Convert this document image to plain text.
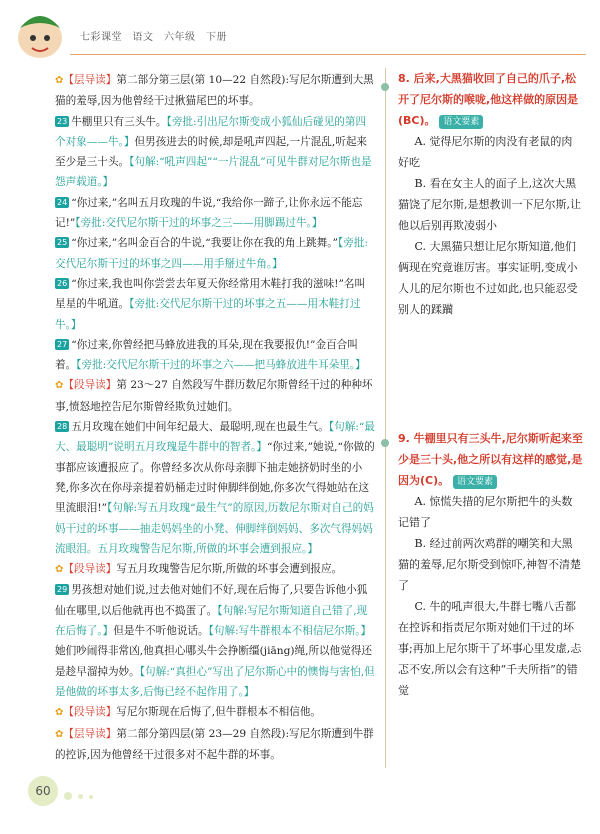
七彩课堂　语文　六年级　下册

✿【层导读】第二部分第三层(第 10—22 自然段):写尼尔斯遭到大黑猫的羞辱,因为他曾经干过揪猫尾巴的坏事。

23 牛棚里只有三头牛。【旁批:引出尼尔斯变成小狐仙后碰见的第四个对象——牛。】但男孩进去的时候,却是吼声四起,一片混乱,听起来至少是三十头。【句解:“吼声四起”“一片混乱”可见牛群对尼尔斯也是怨声载道。】

24 “你过来,”名叫五月玫瑰的牛说,“我给你一蹄子,让你永远不能忘记!”【旁批:交代尼尔斯干过的坏事之三——用脚踢过牛。】

25 “你过来,”名叫金百合的牛说,“我要让你在我的角上跳舞。”【旁批:交代尼尔斯干过的坏事之四——用手掰过牛角。】

26 “你过来,我也叫你尝尝去年夏天你经常用木鞋打我的滋味!”名叫星星的牛吼道。【旁批:交代尼尔斯干过的坏事之五——用木鞋打过牛。】

27 “你过来,你曾经把马蜂放进我的耳朵,现在我要报仇!”金百合叫着。【旁批:交代尼尔斯干过的坏事之六——把马蜂放进牛耳朵里。】

✿【段导读】第 23～27 自然段写牛群历数尼尔斯曾经干过的种种坏事,愤怒地控告尼尔斯曾经欺负过她们。

28 五月玫瑰在她们中间年纪最大、最聪明,现在也最生气。【句解:“最大、最聪明”说明五月玫瑰是牛群中的智者。】“你过来,”她说,“你做的事都应该遭报应了。你曾经多次从你母亲脚下抽走她挤奶时坐的小凳,你多次在你母亲提着奶桶走过时伸脚绊倒她,你多次气得她站在这里流眼泪!”【句解:写五月玫瑰“最生气”的原因,历数尼尔斯对自己的妈妈干过的坏事——抽走妈妈坐的小凳、伸脚绊倒妈妈、多次气得妈妈流眼泪。五月玫瑰警告尼尔斯,所做的坏事会遭到报应。】

✿【段导读】写五月玫瑰警告尼尔斯,所做的坏事会遭到报应。

29 男孩想对她们说,过去他对她们不好,现在后悔了,只要告诉他小狐仙在哪里,以后他就再也不捣蛋了。【句解:写尼尔斯知道自己错了,现在后悔了。】但是牛不听他说话。【句解:写牛群根本不相信尼尔斯。】她们吵闹得非常凶,他真担心哪头牛会挣断缰(jiāng)绳,所以他觉得还是趁早溜掉为妙。【句解:“真担心”写出了尼尔斯心中的懊悔与害怕,但是他做的坏事太多,后悔已经不起作用了。】

✿【段导读】写尼尔斯现在后悔了,但牛群根本不相信他。

✿【层导读】第二部分第四层(第 23—29 自然段):写尼尔斯遭到牛群的控诉,因为他曾经干过很多对不起牛群的坏事。

8. 后来,大黑猫收回了自己的爪子,松开了尼尔斯的喉咙,他这样做的原因是(BC)。 语文要素

A. 觉得尼尔斯的肉没有老鼠的肉好吃

B. 看在女主人的面子上,这次大黑猫饶了尼尔斯,是想教训一下尼尔斯,让他以后别再欺凌弱小

C. 大黑猫只想让尼尔斯知道,他们俩现在究竟谁厉害。事实证明,变成小人儿的尼尔斯也不过如此,也只能忍受别人的蹂躏

9. 牛棚里只有三头牛,尼尔斯听起来至少是三十头,他之所以有这样的感觉,是因为(C)。 语文要素

A. 惊慌失措的尼尔斯把牛的头数记错了

B. 经过前两次鸡群的嘲笑和大黑猫的羞辱,尼尔斯受到惊吓,神智不清楚了

C. 牛的吼声很大,牛群七嘴八舌都在控诉和指责尼尔斯对她们干过的坏事;再加上尼尔斯干了坏事心里发虚,忐忑不安,所以会有这种“千夫所指”的错觉

60
